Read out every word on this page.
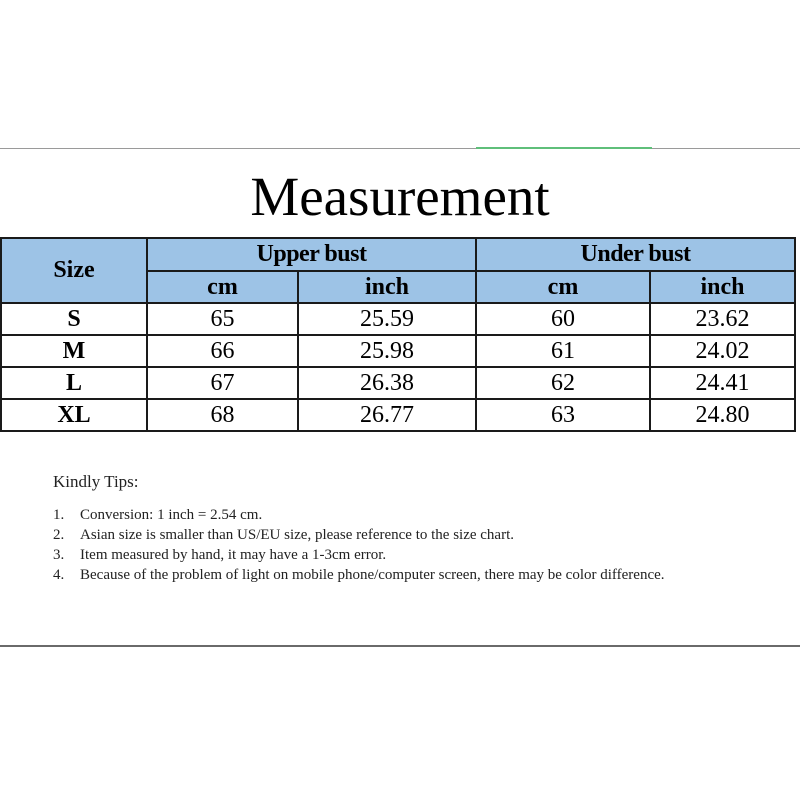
Measurement
Size	Upper bust		Under bust	
	cm	inch	cm	inch
S	65	25.59	60	23.62
M	66	25.98	61	24.02
L	67	26.38	62	24.41
XL	68	26.77	63	24.80
Kindly Tips:
1.	Conversion: 1 inch = 2.54 cm.
2.	Asian size is smaller than US/EU size, please reference to the size chart.
3.	Item measured by hand, it may have a 1-3cm error.
4.	Because of the problem of light on mobile phone/computer screen, there may be color difference.
